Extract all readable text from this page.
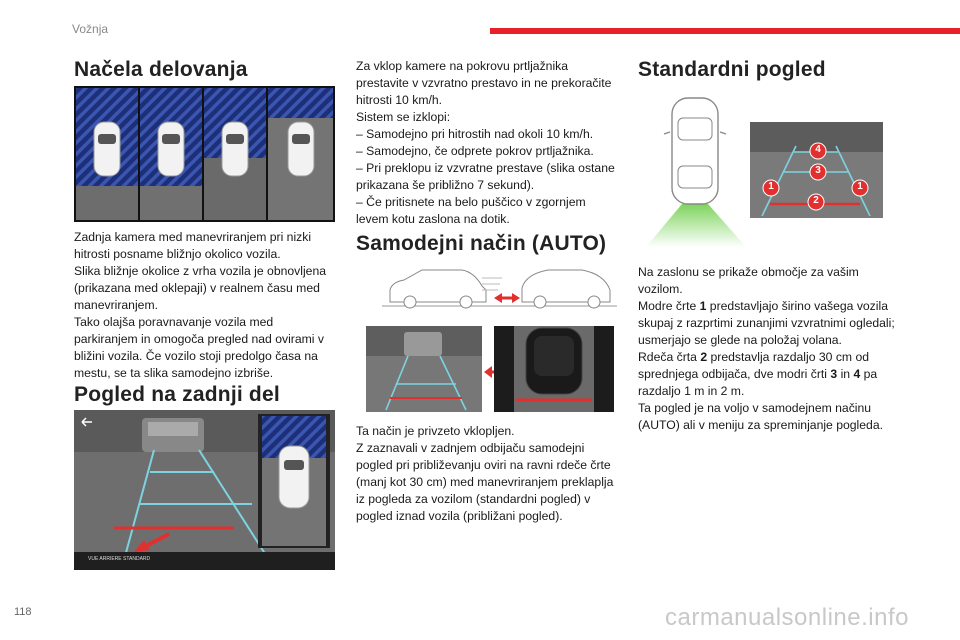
Vožnja
Načela delovanja
Zadnja kamera med manevriranjem pri nizki
hitrosti posname bližnjo okolico vozila.
Slika bližnje okolice z vrha vozila je obnovljena
(prikazana med oklepaji) v realnem času med
manevriranjem.
Tako olajša poravnavanje vozila med
parkiranjem in omogoča pregled nad ovirami v
bližini vozila. Če vozilo stoji predolgo časa na
mestu, se ta slika samodejno izbriše.
Pogled na zadnji del
VUE ARRIERE STANDARD
Za vklop kamere na pokrovu prtljažnika
prestavite v vzvratno prestavo in ne prekoračite
hitrosti 10 km/h.
Sistem se izklopi:
– Samodejno pri hitrostih nad okoli 10 km/h.
– Samodejno, če odprete pokrov prtljažnika.
– Pri preklopu iz vzvratne prestave (slika ostane
prikazana še približno 7 sekund).
– Če pritisnete na belo puščico v zgornjem
levem kotu zaslona na dotik.
Samodejni način (AUTO)
Ta način je privzeto vklopljen.
Z zaznavali v zadnjem odbijaču samodejni
pogled pri približevanju oviri na ravni rdeče črte
(manj kot 30 cm) med manevriranjem preklaplja
iz pogleda za vozilom (standardni pogled) v
pogled iznad vozila (približani pogled).
Standardni pogled
1	1
2
3
4
Na zaslonu se prikaže območje za vašim
vozilom.
Modre črte 1 predstavljajo širino vašega vozila
skupaj z razprtimi zunanjimi vzvratnimi ogledali;
usmerjajo se glede na položaj volana.
Rdeča črta 2 predstavlja razdaljo 30 cm od
sprednjega odbijača, dve modri črti 3 in 4 pa
razdaljo 1 m in 2 m.
Ta pogled je na voljo v samodejnem načinu
(AUTO) ali v meniju za spreminjanje pogleda.
118	carmanualsonline.info
